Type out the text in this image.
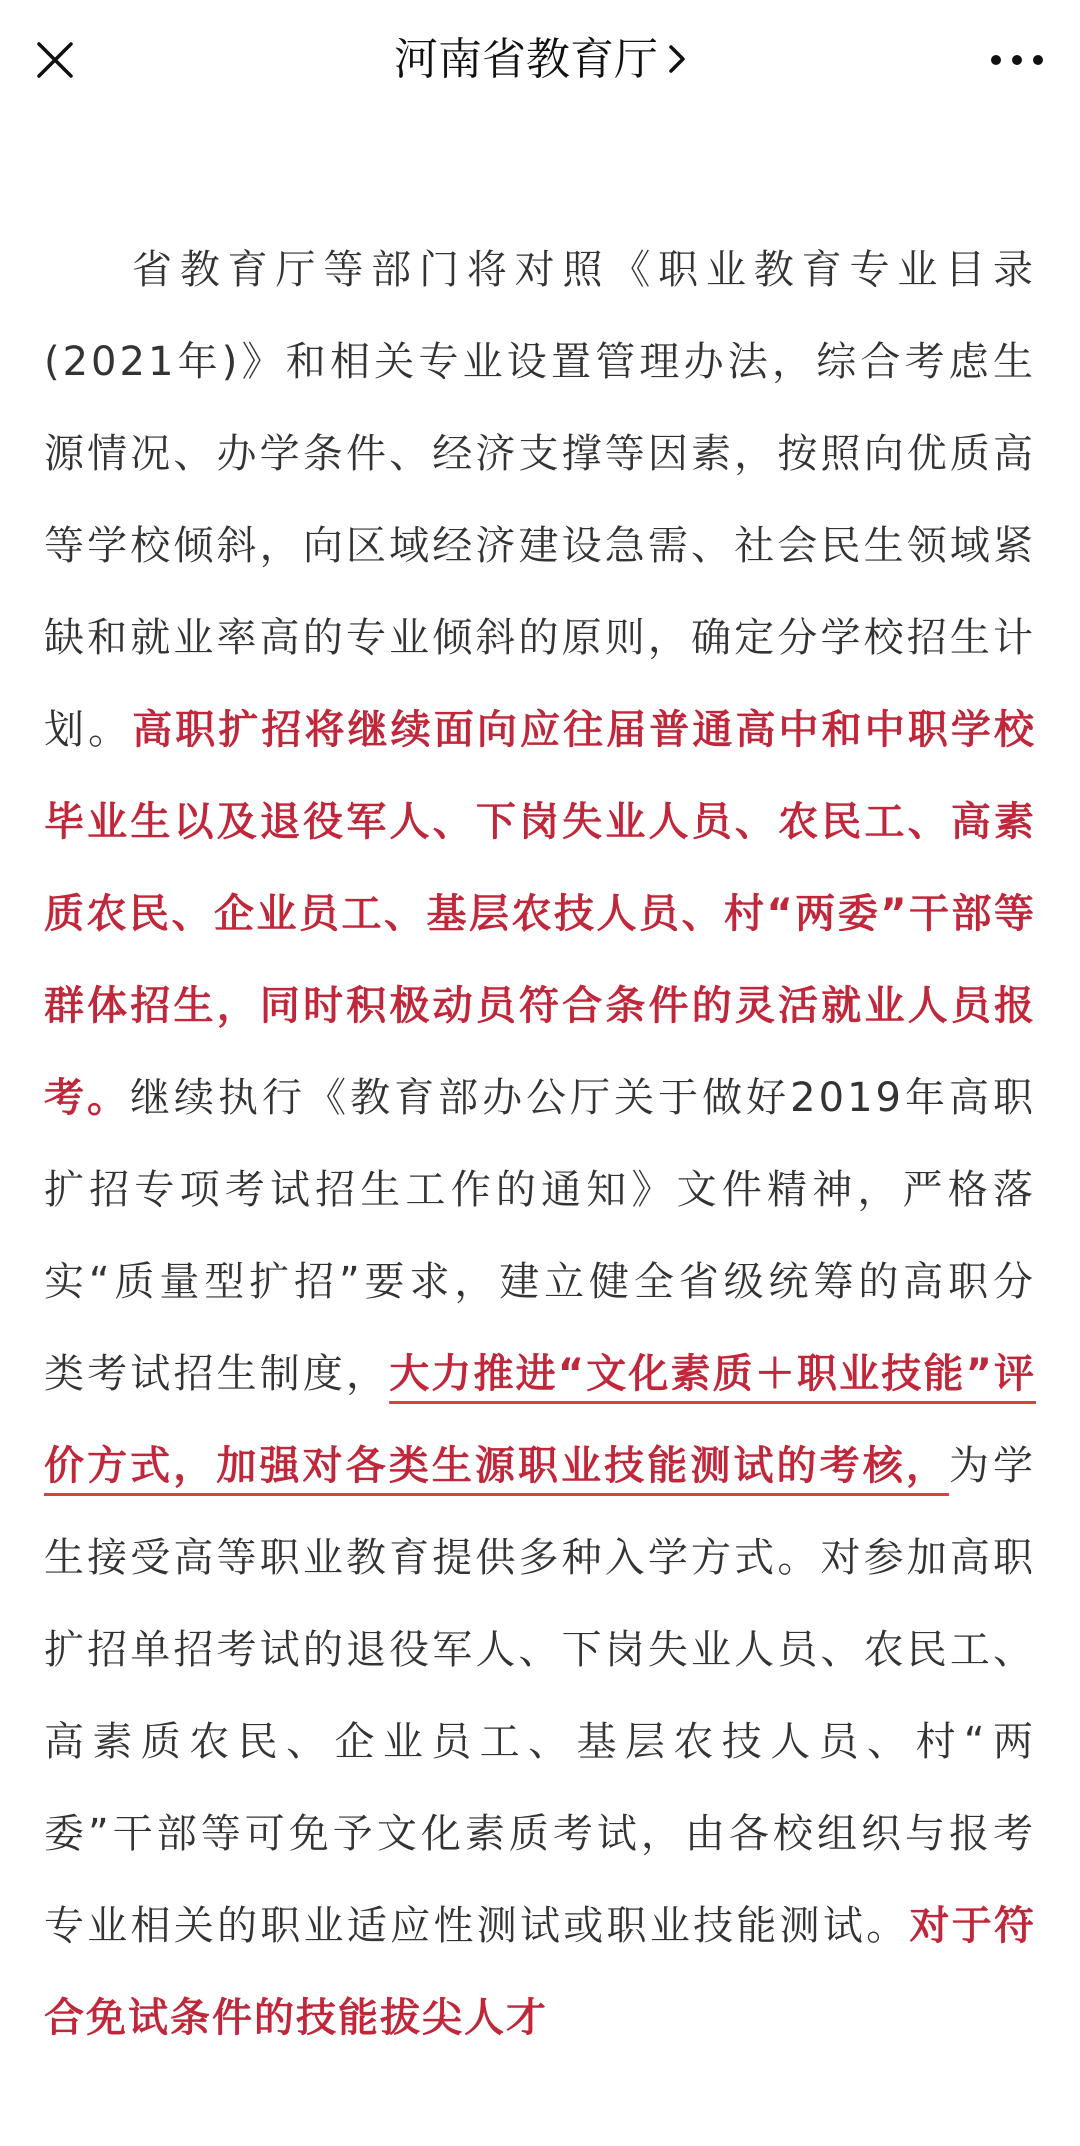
河南省教育厅

省教育厅等部门将对照《职业教育专业目录(2021年)》和相关专业设置管理办法，综合考虑生源情况、办学条件、经济支撑等因素，按照向优质高等学校倾斜，向区域经济建设急需、社会民生领域紧缺和就业率高的专业倾斜的原则，确定分学校招生计划。高职扩招将继续面向应往届普通高中和中职学校毕业生以及退役军人、下岗失业人员、农民工、高素质农民、企业员工、基层农技人员、村“两委”干部等群体招生，同时积极动员符合条件的灵活就业人员报考。继续执行《教育部办公厅关于做好2019年高职扩招专项考试招生工作的通知》文件精神，严格落实“质量型扩招”要求，建立健全省级统筹的高职分类考试招生制度，大力推进“文化素质＋职业技能”评价方式，加强对各类生源职业技能测试的考核，为学生接受高等职业教育提供多种入学方式。对参加高职扩招单招考试的退役军人、下岗失业人员、农民工、高素质农民、企业员工、基层农技人员、村“两委”干部等可免予文化素质考试，由各校组织与报考专业相关的职业适应性测试或职业技能测试。对于符合免试条件的技能拔尖人才
